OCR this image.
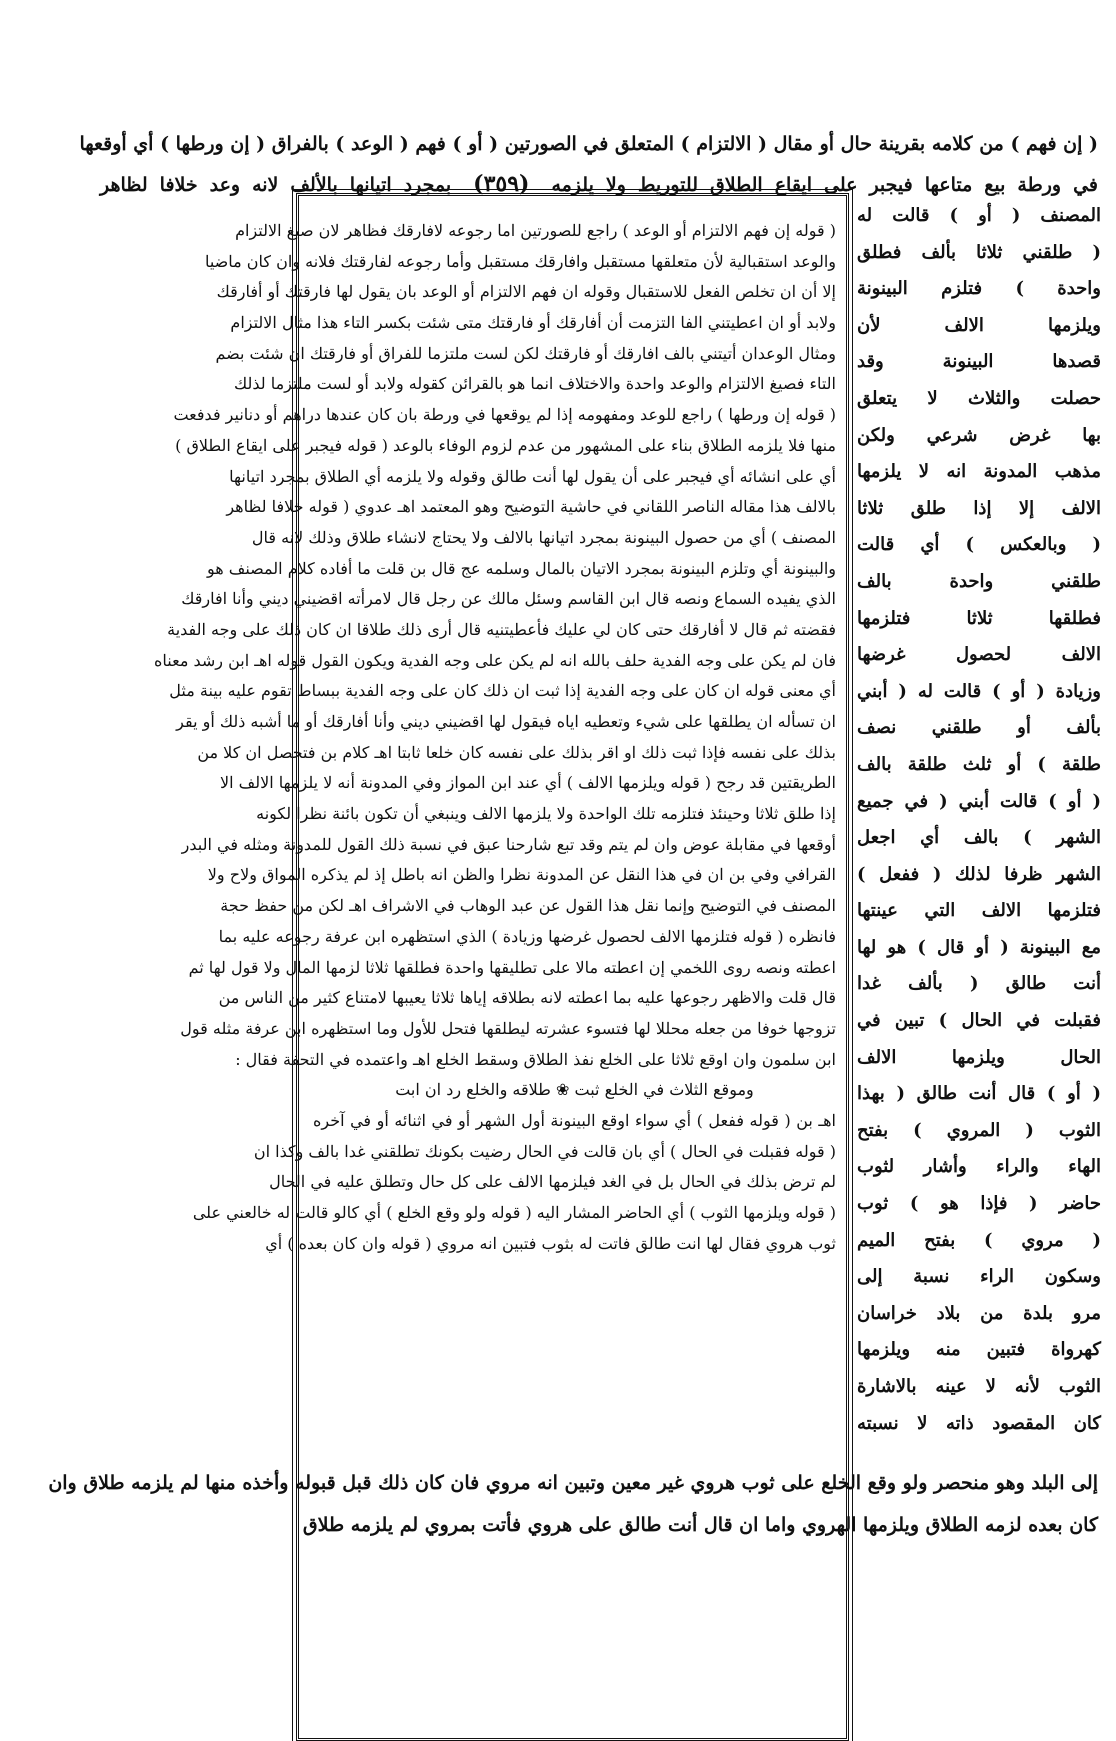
( إن فهم ) من كلامه بقرينة حال أو مقال ( الالتزام ) المتعلق في الصورتين ( أو ) فهم ( الوعد ) بالفراق ( إن ورطها ) أي أوقعها
في ورطة بيع متاعها فيجبر على ايقاع الطلاق للتوريط ولا يلزمه (٣٥٩) بمجرد اتيانها بالألف لانه وعد خلافا لظاهر
المصنف ( أو ) قالت له
( طلقني ثلاثا بألف فطلق
واحدة ) فتلزم البينونة
ويلزمها الالف لأن
قصدها البينونة وقد
حصلت والثلاث لا يتعلق
بها غرض شرعي ولكن
مذهب المدونة انه لا يلزمها
الالف إلا إذا طلق ثلاثا
( وبالعكس ) أي قالت
طلقني واحدة بالف
فطلقها ثلاثا فتلزمها
الالف لحصول غرضها
وزيادة ( أو ) قالت له ( أبني
بألف أو طلقني نصف
طلقة ) أو ثلث طلقة بالف
( أو ) قالت أبني ( في جميع
الشهر ) بالف أي اجعل
الشهر ظرفا لذلك ( ففعل )
فتلزمها الالف التي عينتها
مع البينونة ( أو قال ) هو لها
أنت طالق ( بألف غدا
فقبلت في الحال ) تبين في
الحال ويلزمها الالف
( أو ) قال أنت طالق ( بهذا
الثوب ( المروي ) بفتح
الهاء والراء وأشار لثوب
حاضر ( فإذا هو ) ثوب
( مروي ) بفتح الميم
وسكون الراء نسبة إلى
مرو بلدة من بلاد خراسان
كهرواة فتبين منه ويلزمها
الثوب لأنه لا عينه بالاشارة
كان المقصود ذاته لا نسبته
( قوله إن فهم الالتزام أو الوعد ) راجع للصورتين اما رجوعه لافارقك فظاهر لان صيغ الالتزام
والوعد استقبالية لأن متعلقها مستقبل وافارقك مستقبل وأما رجوعه لفارقتك فلانه وان كان ماضيا
إلا أن ان تخلص الفعل للاستقبال وقوله ان فهم الالتزام أو الوعد بان يقول لها فارقتك أو أفارقك
ولابد أو ان اعطيتني الفا التزمت أن أفارقك أو فارقتك متى شئت بكسر التاء هذا مثال الالتزام
ومثال الوعدان أتيتني بالف افارقك أو فارقتك لكن لست ملتزما للفراق أو فارقتك ان شئت بضم
التاء فصيغ الالتزام والوعد واحدة والاختلاف انما هو بالقرائن كقوله ولابد أو لست ملتزما لذلك
( قوله إن ورطها ) راجع للوعد ومفهومه إذا لم يوقعها في ورطة بان كان عندها دراهم أو دنانير فدفعت
منها فلا يلزمه الطلاق بناء على المشهور من عدم لزوم الوفاء بالوعد ( قوله فيجبر على ايقاع الطلاق )
أي على انشائه أي فيجبر على أن يقول لها أنت طالق وقوله ولا يلزمه أي الطلاق بمجرد اتيانها
بالالف هذا مقاله الناصر اللقاني في حاشية التوضيح وهو المعتمد اهـ عدوي ( قوله خلافا لظاهر
المصنف ) أي من حصول البينونة بمجرد اتيانها بالالف ولا يحتاج لانشاء طلاق وذلك لانه قال
والبينونة أي وتلزم البينونة بمجرد الاتيان بالمال وسلمه عج قال بن قلت ما أفاده كلام المصنف هو
الذي يفيده السماع ونصه قال ابن القاسم وسئل مالك عن رجل قال لامرأته اقضيني ديني وأنا افارقك
فقضته ثم قال لا أفارقك حتى كان لي عليك فأعطيتنيه قال أرى ذلك طلاقا ان كان ذلك على وجه الفدية
فان لم يكن على وجه الفدية حلف بالله انه لم يكن على وجه الفدية ويكون القول قوله اهـ ابن رشد معناه
أي معنى قوله ان كان على وجه الفدية إذا ثبت ان ذلك كان على وجه الفدية ببساط تقوم عليه بينة مثل
ان تسأله ان يطلقها على شيء وتعطيه اياه فيقول لها اقضيني ديني وأنا أفارقك أو ما أشبه ذلك أو يقر
بذلك على نفسه فإذا ثبت ذلك او اقر بذلك على نفسه كان خلعا ثابتا اهـ كلام بن فتحصل ان كلا من
الطريقتين قد رجح ( قوله ويلزمها الالف ) أي عند ابن المواز وفي المدونة أنه لا يلزمها الالف الا
إذا طلق ثلاثا وحينئذ فتلزمه تلك الواحدة ولا يلزمها الالف وينبغي أن تكون بائنة نظرا لكونه
أوقعها في مقابلة عوض وان لم يتم وقد تبع شارحنا عبق في نسبة ذلك القول للمدونة ومثله في البدر
القرافي وفي بن ان في هذا النقل عن المدونة نظرا والظن انه باطل إذ لم يذكره المواق ولاح ولا
المصنف في التوضيح وإنما نقل هذا القول عن عبد الوهاب في الاشراف اهـ لكن من حفظ حجة
فانظره ( قوله فتلزمها الالف لحصول غرضها وزيادة ) الذي استظهره ابن عرفة رجوعه عليه بما
اعطته ونصه روى اللخمي إن اعطته مالا على تطليقها واحدة فطلقها ثلاثا لزمها المال ولا قول لها ثم
قال قلت والاظهر رجوعها عليه بما اعطته لانه بطلاقه إياها ثلاثا يعيبها لامتناع كثير من الناس من
تزوجها خوفا من جعله محللا لها فتسوء عشرته ليطلقها فتحل للأول وما استظهره ابن عرفة مثله قول
ابن سلمون وان اوقع ثلاثا على الخلع نفذ الطلاق وسقط الخلع اهـ واعتمده في التحفة فقال :
وموقع الثلاث في الخلع ثبت ❀ طلاقه والخلع رد ان ابت
اهـ بن ( قوله ففعل ) أي سواء اوقع البينونة أول الشهر أو في اثنائه أو في آخره
( قوله فقبلت في الحال ) أي بان قالت في الحال رضيت بكونك تطلقني غدا بالف وكذا ان
لم ترض بذلك في الحال بل في الغد فيلزمها الالف على كل حال وتطلق عليه في الحال
( قوله ويلزمها الثوب ) أي الحاضر المشار اليه ( قوله ولو وقع الخلع ) أي كالو قالت له خالعني على
ثوب هروي فقال لها انت طالق فاتت له بثوب فتبين انه مروي ( قوله وان كان بعده ) أي
إلى البلد وهو منحصر ولو وقع الخلع على ثوب هروي غير معين وتبين انه مروي فان كان ذلك قبل قبوله وأخذه منها لم يلزمه طلاق وان
كان بعده لزمه الطلاق ويلزمها الهروي واما ان قال أنت طالق على هروي فأتت بمروي لم يلزمه طلاق
